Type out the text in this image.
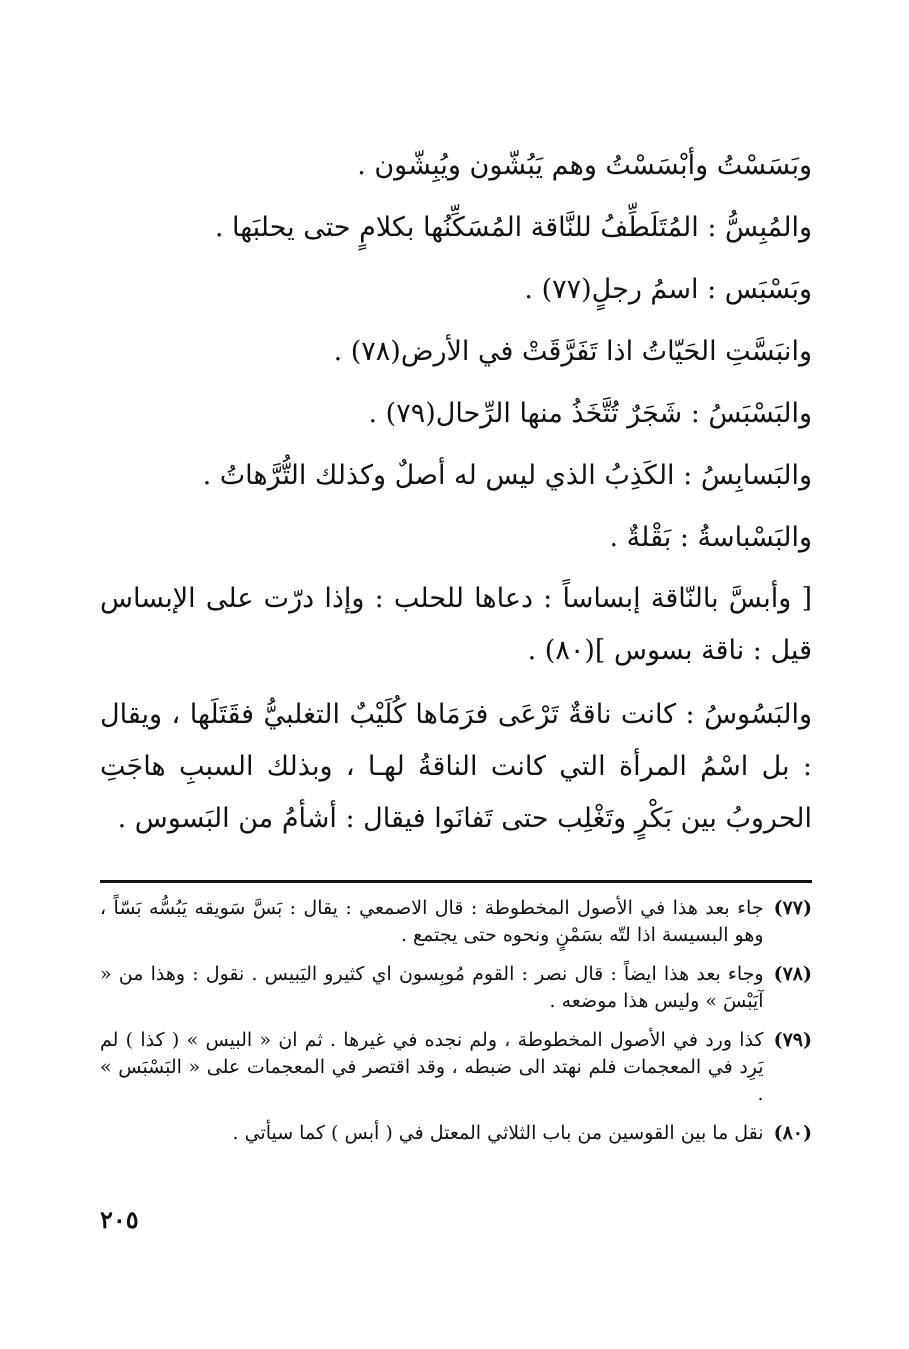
وبَسَسْتُ وأبْسَسْتُ وهم يَبُشّون ويُبِشّون .

والمُبِسُّ : المُتَلَطِّفُ للنَّاقة المُسَكِّنُها بكلامٍ حتى يحلبَها .

وبَسْبَس : اسمُ رجلٍ(٧٧) .

وانبَسَّتِ الحَيّاتُ اذا تَفَرَّقَتْ في الأرض(٧٨) .

والبَسْبَسُ : شَجَرٌ تُتَّخَذُ منها الرِّحال(٧٩) .

والبَسابِسُ : الكَذِبُ الذي ليس له أصلٌ وكذلك التُّرَّهاتُ .

والبَسْباسةُ : بَقْلةٌ .

[ وأبسَّ بالنّاقة إبساساً : دعاها للحلب : وإذا درّت على الإبساس قيل : ناقة بسوس ](٨٠) .

والبَسُوسُ : كانت ناقةٌ تَرْعَى فرَمَاها كُلَيْبٌ التغلبيُّ فقَتَلَها ، ويقال : بل اسْمُ المرأة التي كانت الناقةُ لهـا ، وبذلك السببِ هاجَتِ الحروبُ بين بَكْرٍ وتَغْلِب حتى تَفانَوا فيقال : أشأمُ من البَسوس .

(٧٧)
جاء بعد هذا في الأصول المخطوطة : قال الاصمعي : يقال : بَسَّ سَويقه يَبُسُّه بَسّاً ، وهو البسيسة اذا لتّه بسَمْنٍ ونحوه حتى يجتمع .
(٧٨)
وجاء بعد هذا ايضاً : قال نصر : القوم مُوبِسون اي كثيرو اليَبيس . نقول : وهذا من « آيَبْسَ » وليس هذا موضعه .
(٧٩)
كذا ورد في الأصول المخطوطة ، ولم نجده في غيرها . ثم ان « البيس » ( كذا ) لم يَرِد في المعجمات فلم نهتد الى ضبطه ، وقد اقتصر في المعجمات على « البَسْبَس » .
(٨٠)
نقل ما بين القوسين من باب الثلاثي المعتل في ( أبس ) كما سيأتي .
٢٠٥
